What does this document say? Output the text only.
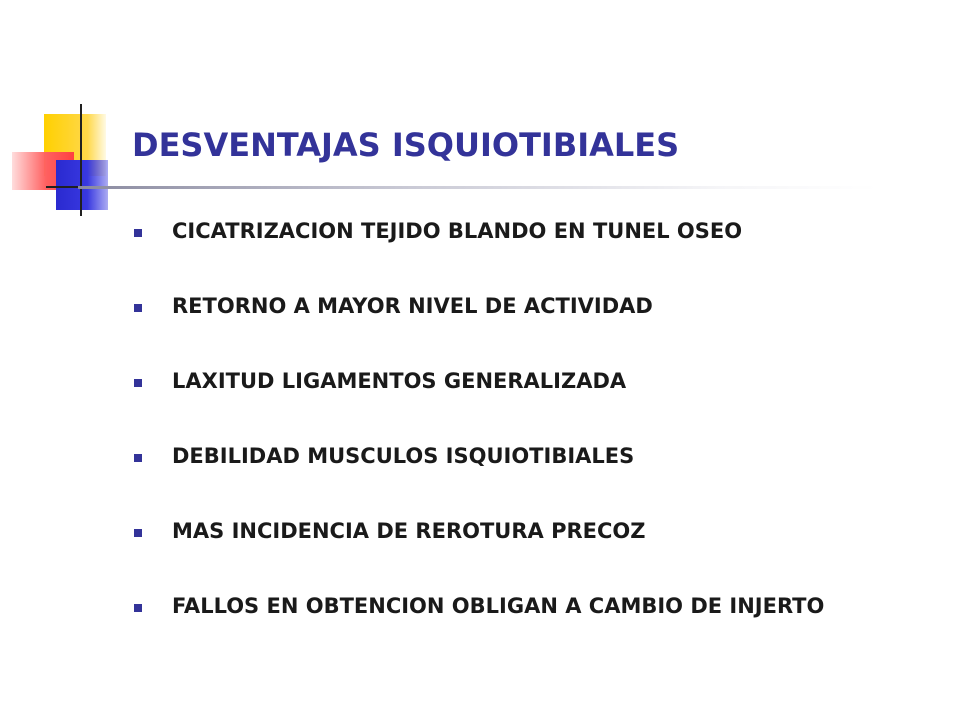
DESVENTAJAS ISQUIOTIBIALES
CICATRIZACION TEJIDO BLANDO EN TUNEL OSEO
RETORNO A MAYOR NIVEL DE ACTIVIDAD
LAXITUD LIGAMENTOS GENERALIZADA
DEBILIDAD MUSCULOS ISQUIOTIBIALES
MAS INCIDENCIA DE REROTURA PRECOZ
FALLOS EN OBTENCION OBLIGAN A CAMBIO DE INJERTO
